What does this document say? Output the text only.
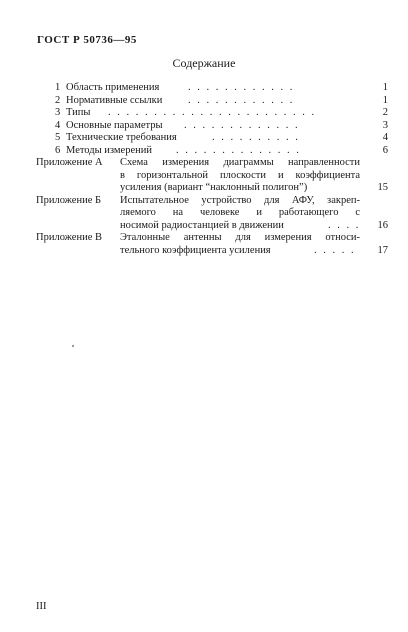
ГОСТ Р 50736—95
Содержание
1 Область применения	. . . . . . . . . . . .	1
2 Нормативные ссылки . . . . . . . . . . . .	1
3 Типы . . . . . . . . . . . . . . . . . . . . . . .	2
4 Основные параметры . . . . . . . . . . . . .	3
5 Технические требования	. . . . . . . . . .	4
6 Методы измерений . . . . . . . . . . . . . .	6
Приложение А Схема измерения диаграммы направленности
в горизонтальной плоскости и коэффициента
усиления (вариант “наклонный полигон”)	15
Приложение Б Испытательное устройство для АФУ, закреп-
ляемого на человеке и работающего с
носимой радиостанцией в движении	. . . .	16
Приложение В Эталонные антенны для измерения относи-
тельного коэффициента усиления	. . . . .	17
III
